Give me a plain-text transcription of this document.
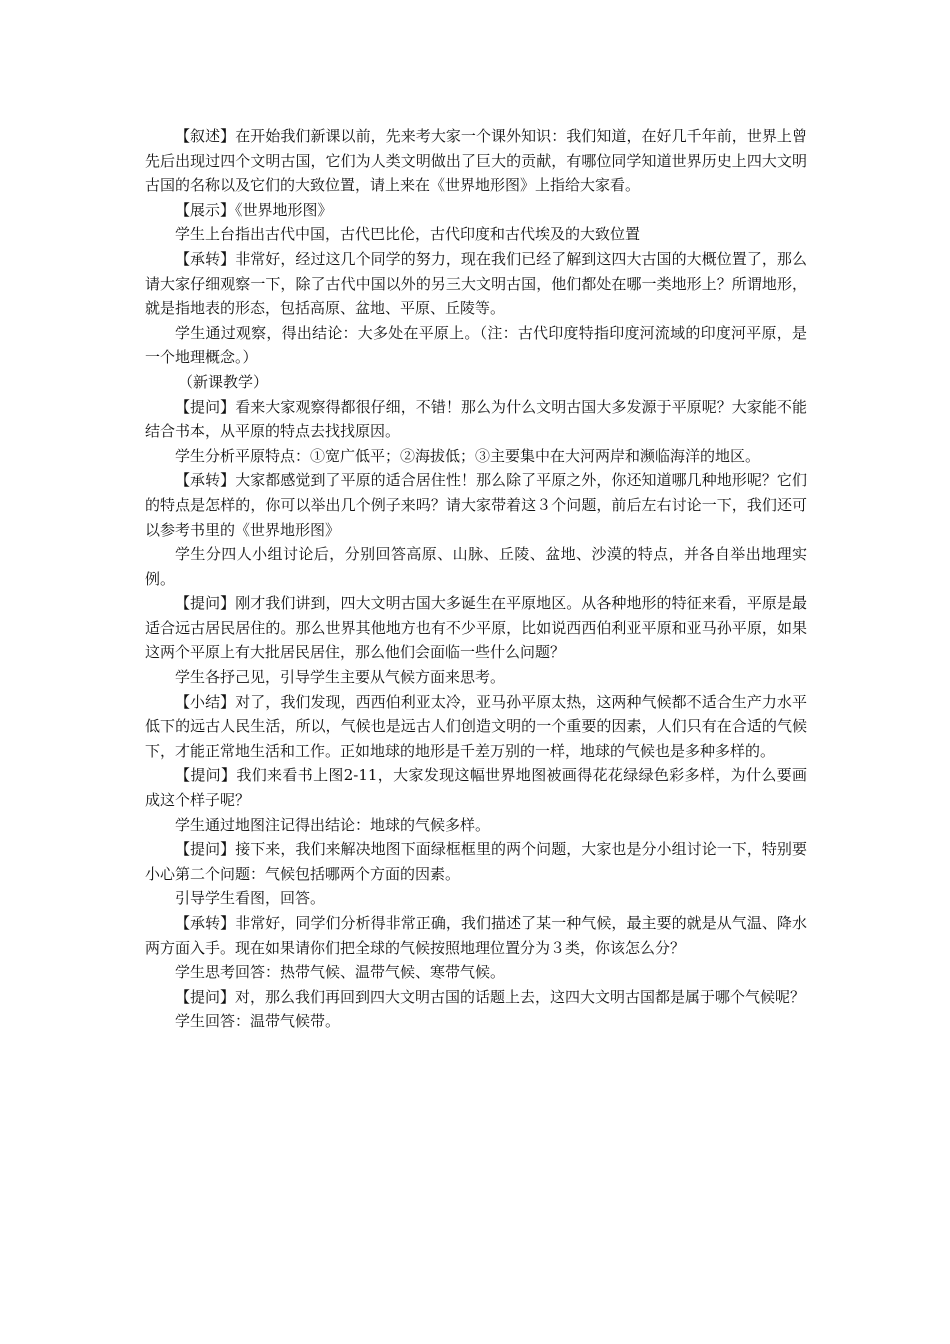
【叙述】在开始我们新课以前，先来考大家一个课外知识：我们知道，在好几千年前，世界上曾先后出现过四个文明古国，它们为人类文明做出了巨大的贡献，有哪位同学知道世界历史上四大文明古国的名称以及它们的大致位置，请上来在《世界地形图》上指给大家看。

【展示】《世界地形图》

学生上台指出古代中国，古代巴比伦，古代印度和古代埃及的大致位置

【承转】非常好，经过这几个同学的努力，现在我们已经了解到这四大古国的大概位置了，那么请大家仔细观察一下，除了古代中国以外的另三大文明古国，他们都处在哪一类地形上？所谓地形，就是指地表的形态，包括高原、盆地、平原、丘陵等。

学生通过观察，得出结论：大多处在平原上。（注：古代印度特指印度河流域的印度河平原，是一个地理概念。）

（新课教学）

【提问】看来大家观察得都很仔细，不错！那么为什么文明古国大多发源于平原呢？大家能不能结合书本，从平原的特点去找找原因。

学生分析平原特点：①宽广低平；②海拔低；③主要集中在大河两岸和濒临海洋的地区。

【承转】大家都感觉到了平原的适合居住性！那么除了平原之外，你还知道哪几种地形呢？它们的特点是怎样的，你可以举出几个例子来吗？请大家带着这３个问题，前后左右讨论一下，我们还可以参考书里的《世界地形图》

学生分四人小组讨论后，分别回答高原、山脉、丘陵、盆地、沙漠的特点，并各自举出地理实例。

【提问】刚才我们讲到，四大文明古国大多诞生在平原地区。从各种地形的特征来看，平原是最适合远古居民居住的。那么世界其他地方也有不少平原，比如说西西伯利亚平原和亚马孙平原，如果这两个平原上有大批居民居住，那么他们会面临一些什么问题？

学生各抒己见，引导学生主要从气候方面来思考。

【小结】对了，我们发现，西西伯利亚太冷，亚马孙平原太热，这两种气候都不适合生产力水平低下的远古人民生活，所以，气候也是远古人们创造文明的一个重要的因素，人们只有在合适的气候下，才能正常地生活和工作。正如地球的地形是千差万别的一样，地球的气候也是多种多样的。

【提问】我们来看书上图2-11，大家发现这幅世界地图被画得花花绿绿色彩多样，为什么要画成这个样子呢？

学生通过地图注记得出结论：地球的气候多样。

【提问】接下来，我们来解决地图下面绿框框里的两个问题，大家也是分小组讨论一下，特别要小心第二个问题：气候包括哪两个方面的因素。

引导学生看图，回答。

【承转】非常好，同学们分析得非常正确，我们描述了某一种气候，最主要的就是从气温、降水两方面入手。现在如果请你们把全球的气候按照地理位置分为３类，你该怎么分？

学生思考回答：热带气候、温带气候、寒带气候。

【提问】对，那么我们再回到四大文明古国的话题上去，这四大文明古国都是属于哪个气候呢？

学生回答：温带气候带。
